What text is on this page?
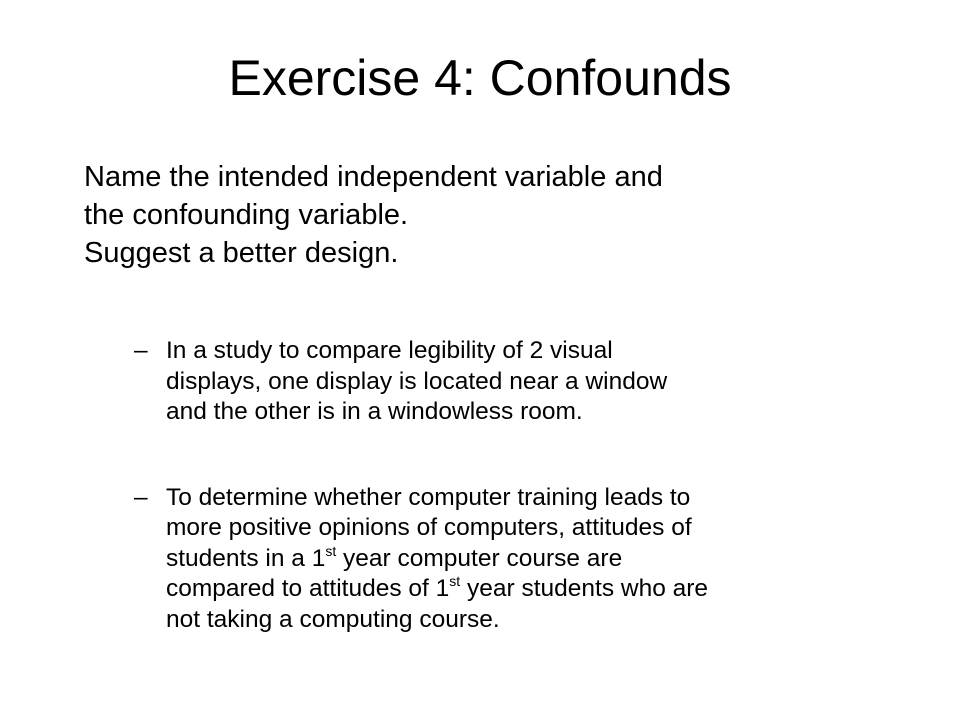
Exercise 4: Confounds
Name the intended independent variable and
the confounding variable.
Suggest a better design.
– In a study to compare legibility of 2 visual
displays, one display is located near a window
and the other is in a windowless room.
– To determine whether computer training leads to
more positive opinions of computers, attitudes of
students in a 1st year computer course are
compared to attitudes of 1st year students who are
not taking a computing course.
